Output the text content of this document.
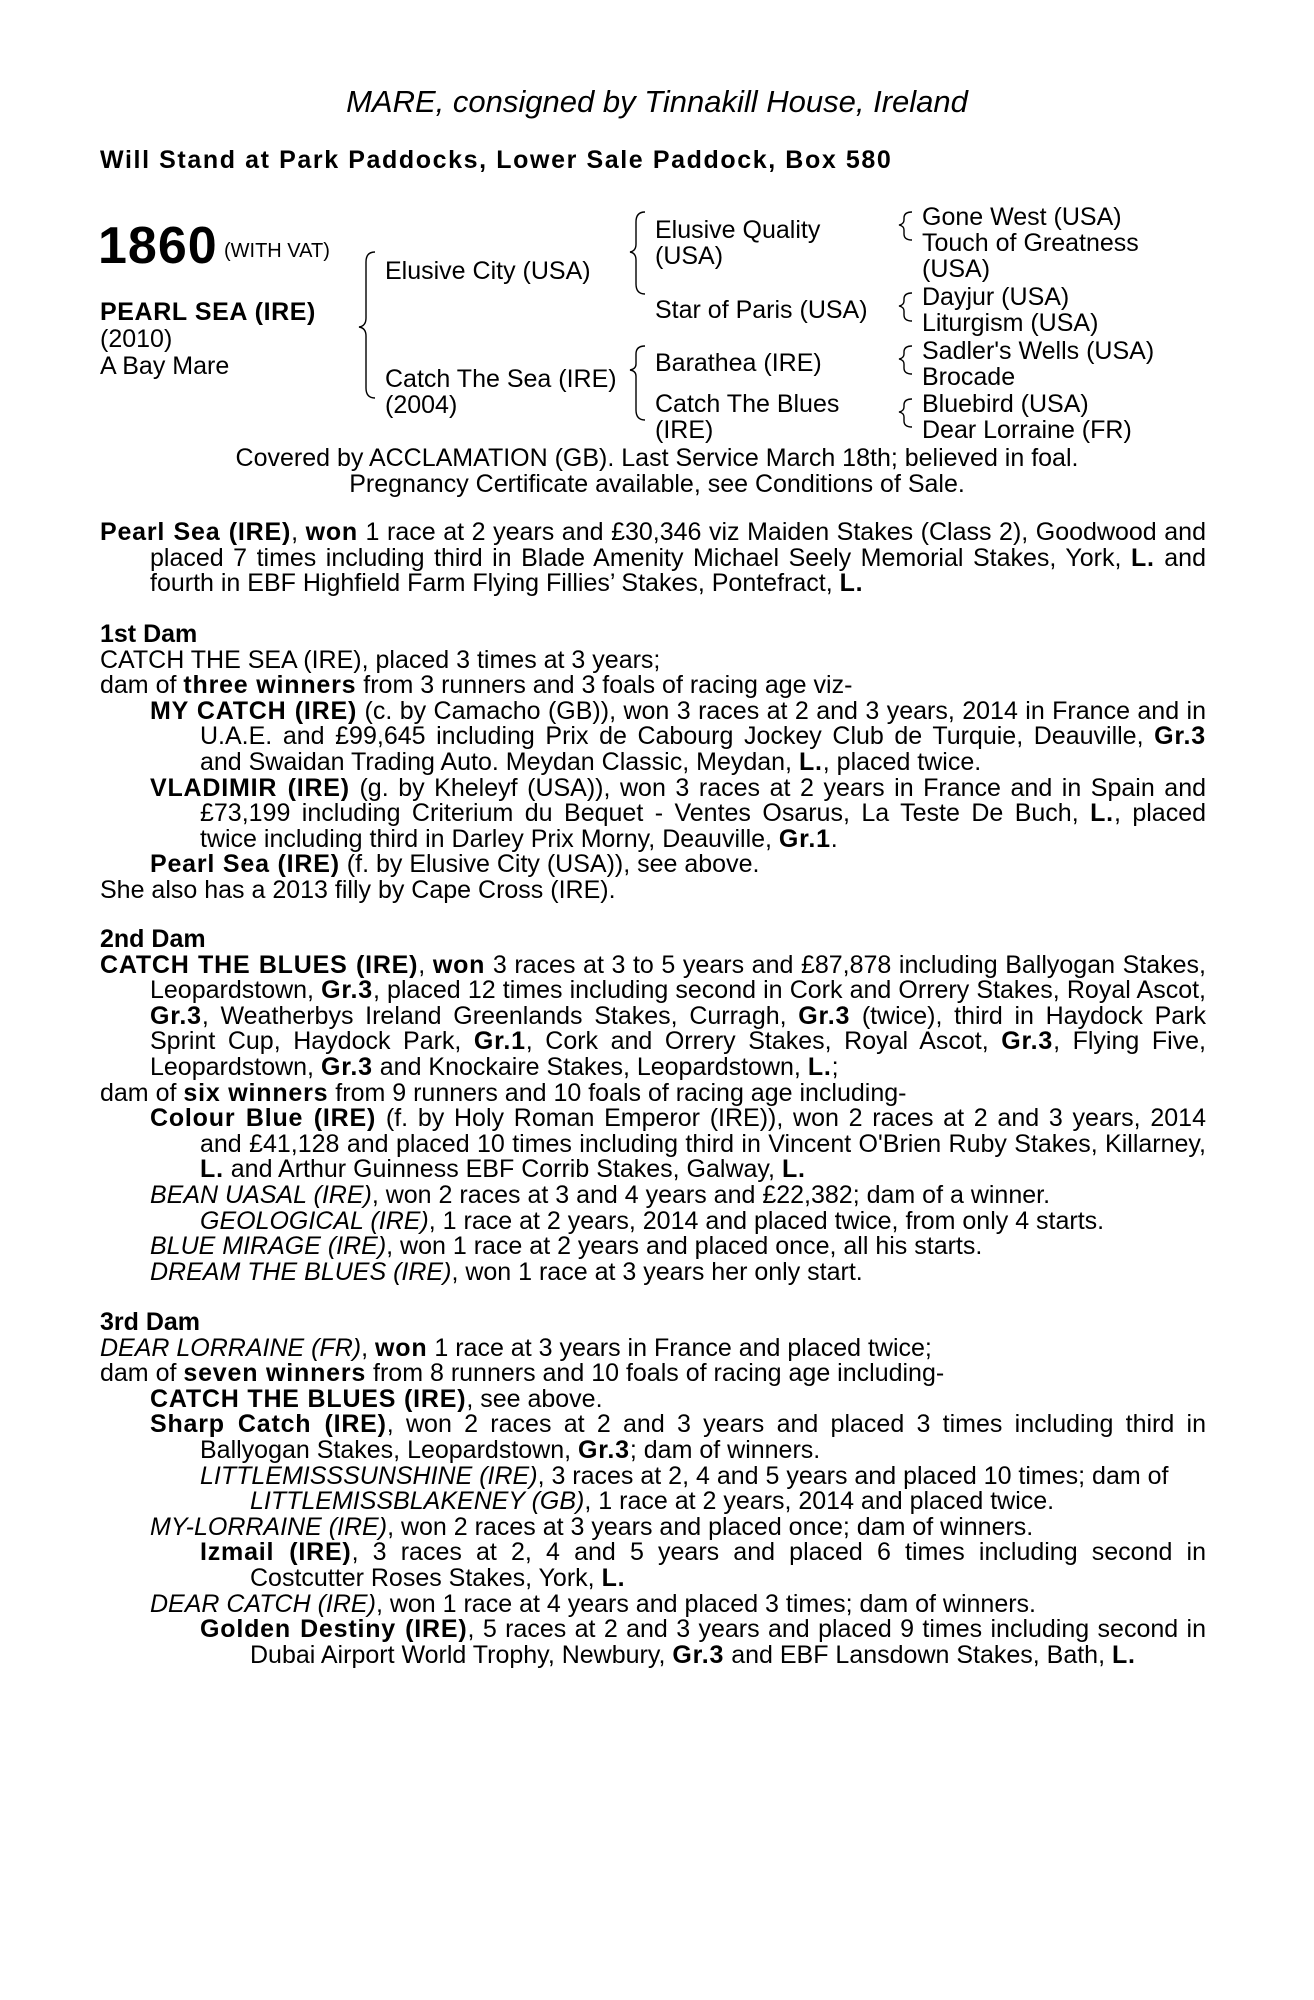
MARE, consigned by Tinnakill House, Ireland
Will Stand at Park Paddocks, Lower Sale Paddock, Box 580
1860 (WITH VAT)
PEARL SEA (IRE)
(2010)
A Bay Mare
Elusive City (USA)
Catch The Sea (IRE)
(2004)
Elusive Quality
(USA)
Star of Paris (USA)
Barathea (IRE)
Catch The Blues
(IRE)
Gone West (USA)
Touch of Greatness
(USA)
Dayjur (USA)
Liturgism (USA)
Sadler's Wells (USA)
Brocade
Bluebird (USA)
Dear Lorraine (FR)
Covered by ACCLAMATION (GB). Last Service March 18th; believed in foal.
Pregnancy Certificate available, see Conditions of Sale.

Pearl Sea (IRE), won 1 race at 2 years and £30,346 viz Maiden Stakes (Class 2), Goodwood and placed 7 times including third in Blade Amenity Michael Seely Memorial Stakes, York, L. and fourth in EBF Highfield Farm Flying Fillies’ Stakes, Pontefract, L.

1st Dam

CATCH THE SEA (IRE), placed 3 times at 3 years;

dam of three winners from 3 runners and 3 foals of racing age viz-

MY CATCH (IRE) (c. by Camacho (GB)), won 3 races at 2 and 3 years, 2014 in France and in U.A.E. and £99,645 including Prix de Cabourg Jockey Club de Turquie, Deauville, Gr.3 and Swaidan Trading Auto. Meydan Classic, Meydan, L., placed twice.

VLADIMIR (IRE) (g. by Kheleyf (USA)), won 3 races at 2 years in France and in Spain and £73,199 including Criterium du Bequet - Ventes Osarus, La Teste De Buch, L., placed twice including third in Darley Prix Morny, Deauville, Gr.1.

Pearl Sea (IRE) (f. by Elusive City (USA)), see above.

She also has a 2013 filly by Cape Cross (IRE).

2nd Dam

CATCH THE BLUES (IRE), won 3 races at 3 to 5 years and £87,878 including Ballyogan Stakes, Leopardstown, Gr.3, placed 12 times including second in Cork and Orrery Stakes, Royal Ascot, Gr.3, Weatherbys Ireland Greenlands Stakes, Curragh, Gr.3 (twice), third in Haydock Park Sprint Cup, Haydock Park, Gr.1, Cork and Orrery Stakes, Royal Ascot, Gr.3, Flying Five, Leopardstown, Gr.3 and Knockaire Stakes, Leopardstown, L.;

dam of six winners from 9 runners and 10 foals of racing age including-

Colour Blue (IRE) (f. by Holy Roman Emperor (IRE)), won 2 races at 2 and 3 years, 2014 and £41,128 and placed 10 times including third in Vincent O'Brien Ruby Stakes, Killarney, L. and Arthur Guinness EBF Corrib Stakes, Galway, L.

BEAN UASAL (IRE), won 2 races at 3 and 4 years and £22,382; dam of a winner.

GEOLOGICAL (IRE), 1 race at 2 years, 2014 and placed twice, from only 4 starts.

BLUE MIRAGE (IRE), won 1 race at 2 years and placed once, all his starts.

DREAM THE BLUES (IRE), won 1 race at 3 years her only start.

3rd Dam

DEAR LORRAINE (FR), won 1 race at 3 years in France and placed twice;

dam of seven winners from 8 runners and 10 foals of racing age including-

CATCH THE BLUES (IRE), see above.

Sharp Catch (IRE), won 2 races at 2 and 3 years and placed 3 times including third in Ballyogan Stakes, Leopardstown, Gr.3; dam of winners.

LITTLEMISSSUNSHINE (IRE), 3 races at 2, 4 and 5 years and placed 10 times; dam of

LITTLEMISSBLAKENEY (GB), 1 race at 2 years, 2014 and placed twice.

MY-LORRAINE (IRE), won 2 races at 3 years and placed once; dam of winners.

Izmail (IRE), 3 races at 2, 4 and 5 years and placed 6 times including second in Costcutter Roses Stakes, York, L.

DEAR CATCH (IRE), won 1 race at 4 years and placed 3 times; dam of winners.

Golden Destiny (IRE), 5 races at 2 and 3 years and placed 9 times including second in Dubai Airport World Trophy, Newbury, Gr.3 and EBF Lansdown Stakes, Bath, L.
